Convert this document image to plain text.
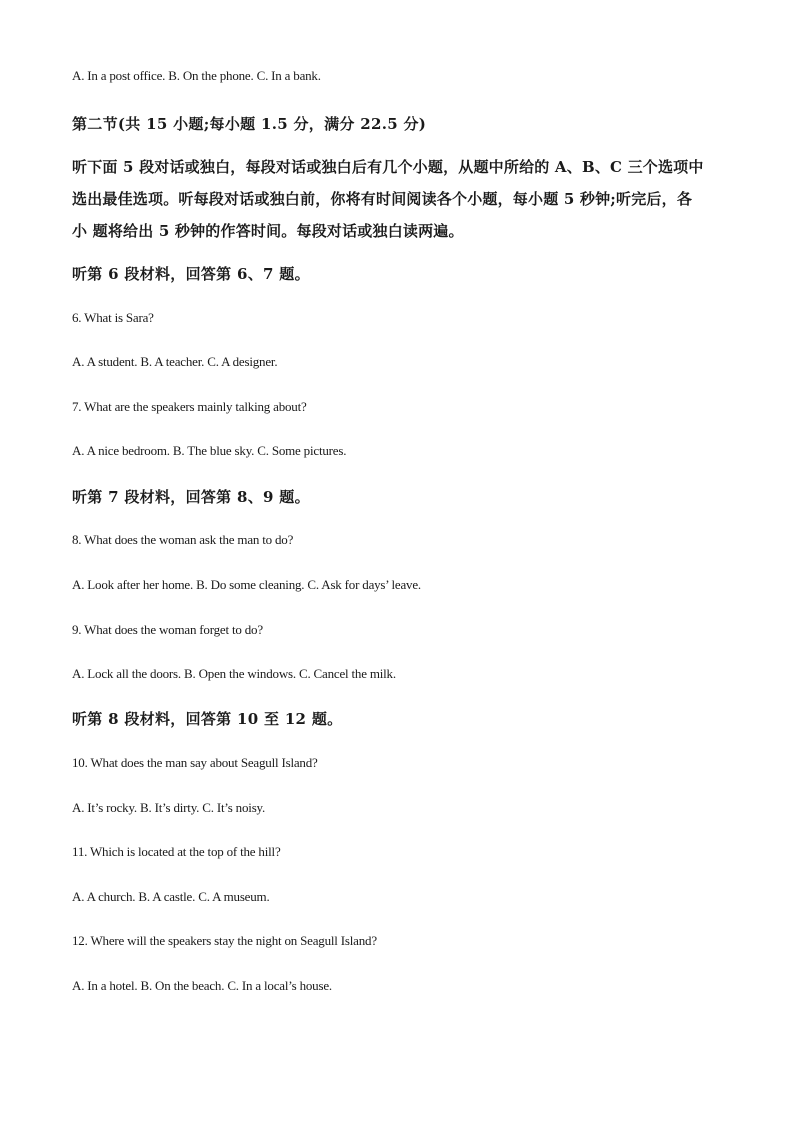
A. In a post office. B. On the phone. C. In a bank.
第二节(共 15 小题;每小题 1.5 分，满分 22.5 分)
听下面 5 段对话或独白，每段对话或独白后有几个小题，从题中所给的 A、B、C 三个选项中
选出最佳选项。听每段对话或独白前，你将有时间阅读各个小题，每小题 5 秒钟;听完后，各
小 题将给出 5 秒钟的作答时间。每段对话或独白读两遍。
听第 6 段材料，回答第 6、7 题。
6. What is Sara?
A. A student. B. A teacher. C. A designer.
7. What are the speakers mainly talking about?
A. A nice bedroom. B. The blue sky. C. Some pictures.
听第 7 段材料，回答第 8、9 题。
8. What does the woman ask the man to do?
A. Look after her home. B. Do some cleaning. C. Ask for days’ leave.
9. What does the woman forget to do?
A. Lock all the doors. B. Open the windows. C. Cancel the milk.
听第 8 段材料，回答第 10 至 12 题。
10. What does the man say about Seagull Island?
A. It’s rocky. B. It’s dirty. C. It’s noisy.
11. Which is located at the top of the hill?
A. A church. B. A castle. C. A museum.
12. Where will the speakers stay the night on Seagull Island?
A. In a hotel. B. On the beach. C. In a local’s house.
